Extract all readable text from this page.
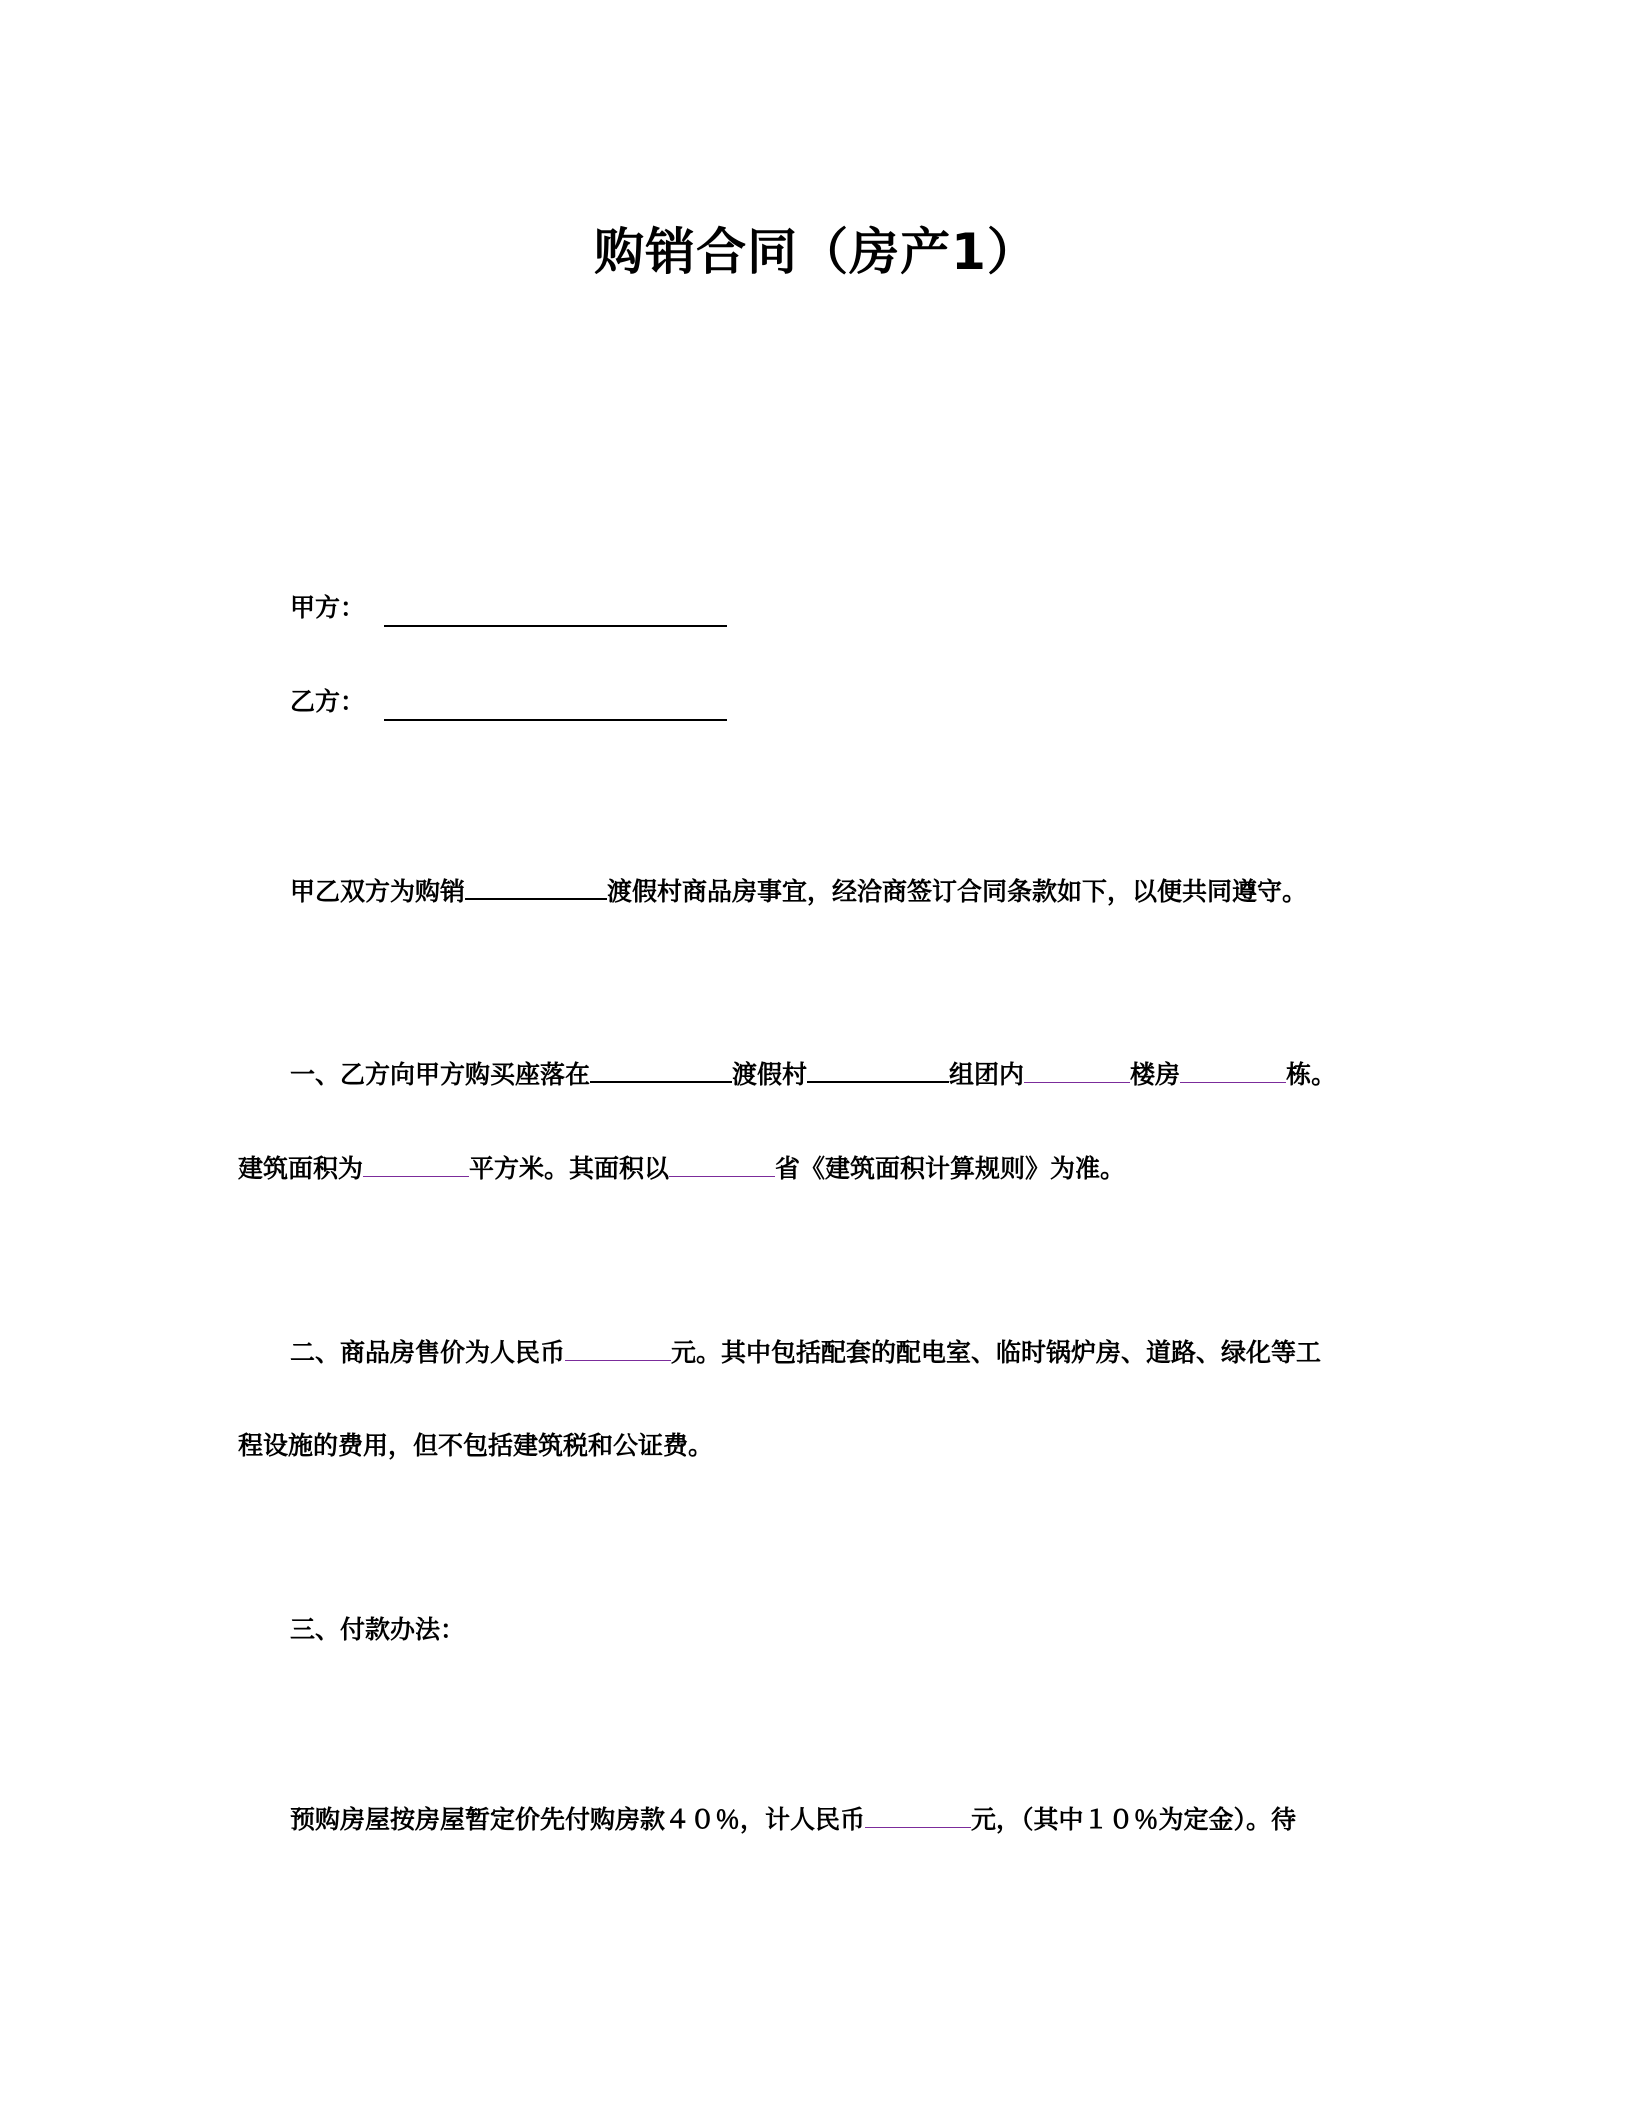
购销合同（房产1）
甲方：
乙方：
甲乙双方为购销	渡假村商品房事宜，经洽商签订合同条款如下，以便共同遵守。
一、乙方向甲方购买座落在	渡假村	组团内	楼房	栋。
建筑面积为	平方米。其面积以	省《建筑面积计算规则》为准。
二、商品房售价为人民币	元。其中包括配套的配电室、临时锅炉房、道路、绿化等工
程设施的费用，但不包括建筑税和公证费。
三、付款办法：
预购房屋按房屋暂定价先付购房款４０％，计人民币	元，（其中１０％为定金）。待
